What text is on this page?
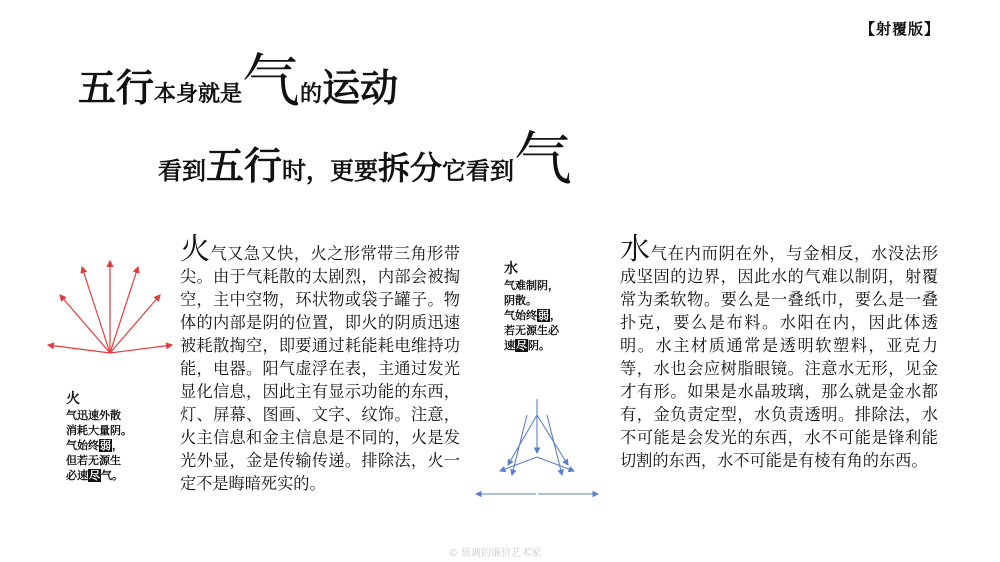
【射覆版】
五行本身就是气的运动
看到五行时，更要拆分它看到气
火
气迅速外散
消耗大量阴。
气始终弱，
但若无源生
必速尽气。
火气又急又快，火之形常带三角形带尖。由于气耗散的太剧烈，内部会被掏空，主中空物，环状物或袋子罐子。物体的内部是阴的位置，即火的阴质迅速被耗散掏空，即要通过耗能耗电维持功能，电器。阳气虚浮在表，主通过发光显化信息，因此主有显示功能的东西，灯、屏幕、图画、文字、纹饰。注意，火主信息和金主信息是不同的，火是发光外显，金是传输传递。排除法，火一定不是晦暗死实的。
水
气难制阴，
阴散。
气始终弱，
若无源生必
速尽阴。
水气在内而阴在外，与金相反，水没法形成坚固的边界，因此水的气难以制阴，射覆常为柔软物。要么是一叠纸巾，要么是一叠扑克，要么是布料。水阳在内，因此体透明。水主材质通常是透明软塑料，亚克力等，水也会应树脂眼镜。注意水无形，见金才有形。如果是水晶玻璃，那么就是金水都有，金负责定型，水负责透明。排除法，水不可能是会发光的东西，水不可能是锋利能切割的东西，水不可能是有棱有角的东西。
© 低调的廉价艺术家
